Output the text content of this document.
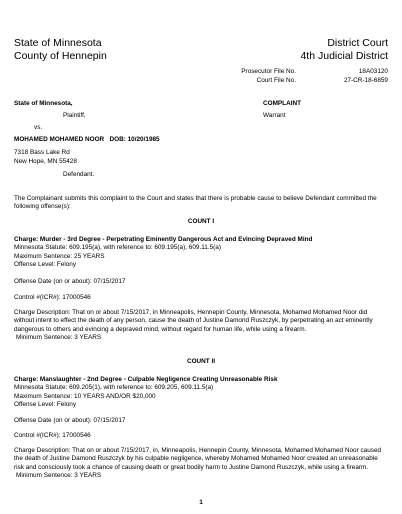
State of Minnesota
County of Hennepin
District Court
4th Judicial District
Prosecutor File No.	18A03120
Court File No.	27-CR-18-6859
State of Minnesota,
Plaintiff,
COMPLAINT
Warrant
vs.
MOHAMED MOHAMED NOOR DOB: 10/20/1985
7318 Bass Lake Rd
New Hope, MN 55428
Defendant.

The Complainant submits this complaint to the Court and states that there is probable cause to believe Defendant committed the following offense(s):

COUNT I

Charge: Murder - 3rd Degree - Perpetrating Eminently Dangerous Act and Evincing Depraved Mind

Minnesota Statute: 609.195(a), with reference to: 609.195(a), 609.11.5(a)

Maximum Sentence: 25 YEARS

Offense Level: Felony

Offense Date (on or about): 07/15/2017
Control #(ICR#): 17000546

Charge Description: That on or about 7/15/2017, in Minneapolis, Hennepin County, Minnesota, Mohamed Mohamed Noor did without intent to effect the death of any person, cause the death of Justine Damond Ruszczyk, by perpetrating an act eminently dangerous to others and evincing a depraved mind, without regard for human life, while using a firearm.

Minimum Sentence: 3 YEARS

COUNT II

Charge: Manslaughter - 2nd Degree - Culpable Negligence Creating Unreasonable Risk

Minnesota Statute: 609.205(1), with reference to: 609.205, 609.11.5(a)

Maximum Sentence: 10 YEARS AND/OR $20,000

Offense Level: Felony

Offense Date (on or about): 07/15/2017
Control #(ICR#): 17000546

Charge Description: That on or about 7/15/2017, in, Minneapolis, Hennepin County, Minnesota, Mohamed Mohamed Noor caused the death of Justine Damond Ruszczyk by his culpable negligence, whereby Mohamed Mohamed Noor created an unreasonable risk and consciously took a chance of causing death or great bodily harm to Justine Damond Ruszczyk, while using a firearm.

Minimum Sentence: 3 YEARS

1
